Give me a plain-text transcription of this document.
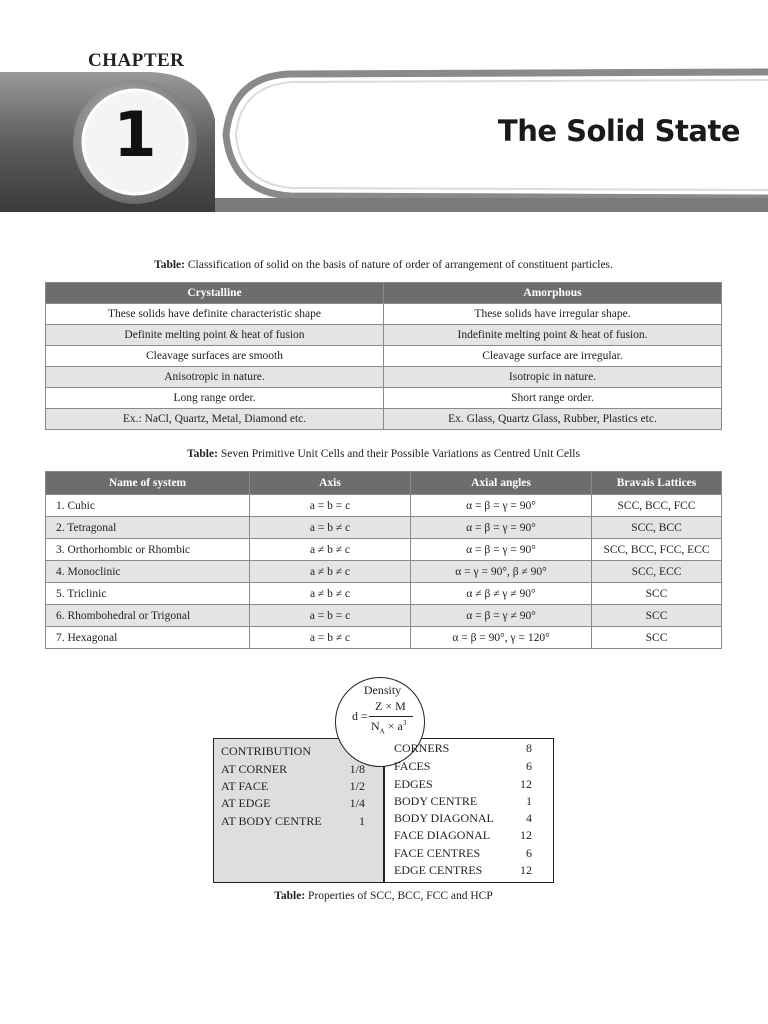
CHAPTER
1	The Solid State
Table: Classification of solid on the basis of nature of order of arrangement of constituent particles.
Crystalline	Amorphous
These solids have definite characteristic shape	These solids have irregular shape.
Definite melting point & heat of fusion	Indefinite melting point & heat of fusion.
Cleavage surfaces are smooth	Cleavage surface are irregular.
Anisotropic in nature.	Isotropic in nature.
Long range order.	Short range order.
Ex.: NaCl, Quartz, Metal, Diamond etc.	Ex. Glass, Quartz Glass, Rubber, Plastics etc.
Table: Seven Primitive Unit Cells and their Possible Variations as Centred Unit Cells
Name of system	Axis	Axial angles	Bravais Lattices
1. Cubic	a = b = c	α = β = γ = 90°	SCC, BCC, FCC
2. Tetragonal	a = b ≠ c	α = β = γ = 90°	SCC, BCC
3. Orthorhombic or Rhombic	a ≠ b ≠ c	α = β = γ = 90°	SCC, BCC, FCC, ECC
4. Monoclinic	a ≠ b ≠ c	α = γ = 90°, β ≠ 90°	SCC, ECC
5. Triclinic	a ≠ b ≠ c	α ≠ β ≠ γ ≠ 90°	SCC
6. Rhombohedral or Trigonal	a = b = c	α = β = γ ≠ 90°	SCC
7. Hexagonal	a = b ≠ c	α = β = 90°, γ = 120°	SCC
Density
d =
Z × M
$N_A \times a^3$
CONTRIBUTION
AT CORNER	1/8
AT FACE	1/2
AT EDGE	1/4
AT BODY CENTRE	1
CORNERS	8
FACES	6
EDGES	12
BODY CENTRE	1
BODY DIAGONAL	4
FACE DIAGONAL	12
FACE CENTRES	6
EDGE CENTRES	12
Table: Properties of SCC, BCC, FCC and HCP
